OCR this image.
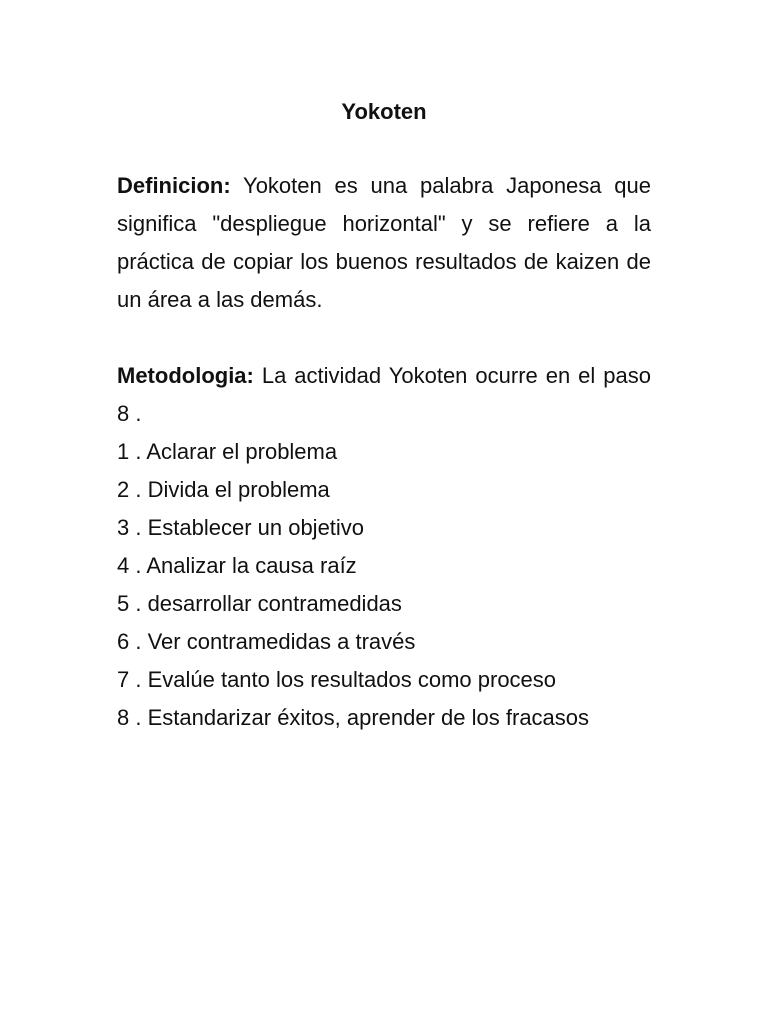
Yokoten

Definicion: Yokoten es una palabra Japonesa que significa "despliegue horizontal" y se refiere a la práctica de copiar los buenos resultados de kaizen de un área a las demás.

Metodologia: La actividad Yokoten ocurre en el paso 8 .

1 . Aclarar el problema
2 . Divida el problema
3 . Establecer un objetivo
4 . Analizar la causa raíz
5 . desarrollar contramedidas
6 . Ver contramedidas a través
7 . Evalúe tanto los resultados como proceso
8 . Estandarizar éxitos, aprender de los fracasos
